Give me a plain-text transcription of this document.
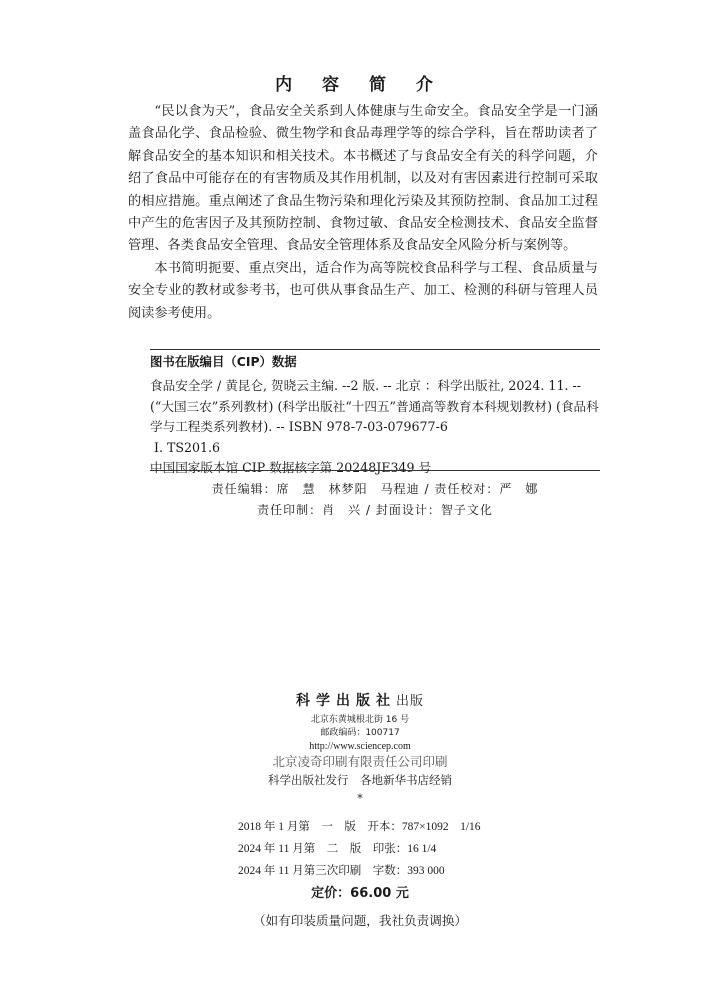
内 容 简 介

“民以食为天”，食品安全关系到人体健康与生命安全。食品安全学是一门涵盖食品化学、食品检验、微生物学和食品毒理学等的综合学科，旨在帮助读者了解食品安全的基本知识和相关技术。本书概述了与食品安全有关的科学问题，介绍了食品中可能存在的有害物质及其作用机制，以及对有害因素进行控制可采取的相应措施。重点阐述了食品生物污染和理化污染及其预防控制、食品加工过程中产生的危害因子及其预防控制、食物过敏、食品安全检测技术、食品安全监督管理、各类食品安全管理、食品安全管理体系及食品安全风险分析与案例等。

本书简明扼要、重点突出，适合作为高等院校食品科学与工程、食品质量与安全专业的教材或参考书，也可供从事食品生产、加工、检测的科研与管理人员阅读参考使用。

图书在版编目（CIP）数据
食品安全学 / 黄昆仑, 贺晓云主编. --2 版. -- 北京 ：科学出版社, 2024. 11. --(“大国三农”系列教材) (科学出版社“十四五”普通高等教育本科规划教材) (食品科学与工程类系列教材). -- ISBN 978-7-03-079677-6
Ⅰ. TS201.6
中国国家版本馆 CIP 数据核字第 20248JE349 号
责任编辑：席　慧　林梦阳　马程迪 / 责任校对：严　娜
责任印制：肖　兴 / 封面设计：智子文化
科学出版社出版
北京东黄城根北街 16 号
邮政编码：100717
http://www.sciencep.com
北京凌奇印刷有限责任公司印刷
科学出版社发行　各地新华书店经销
*
2018 年 1 月第　一　版　开本：787×1092　1/16
2024 年 11 月第　二　版　印张：16 1/4
2024 年 11 月第三次印刷　字数：393 000
定价：66.00 元
（如有印装质量问题，我社负责调换）
